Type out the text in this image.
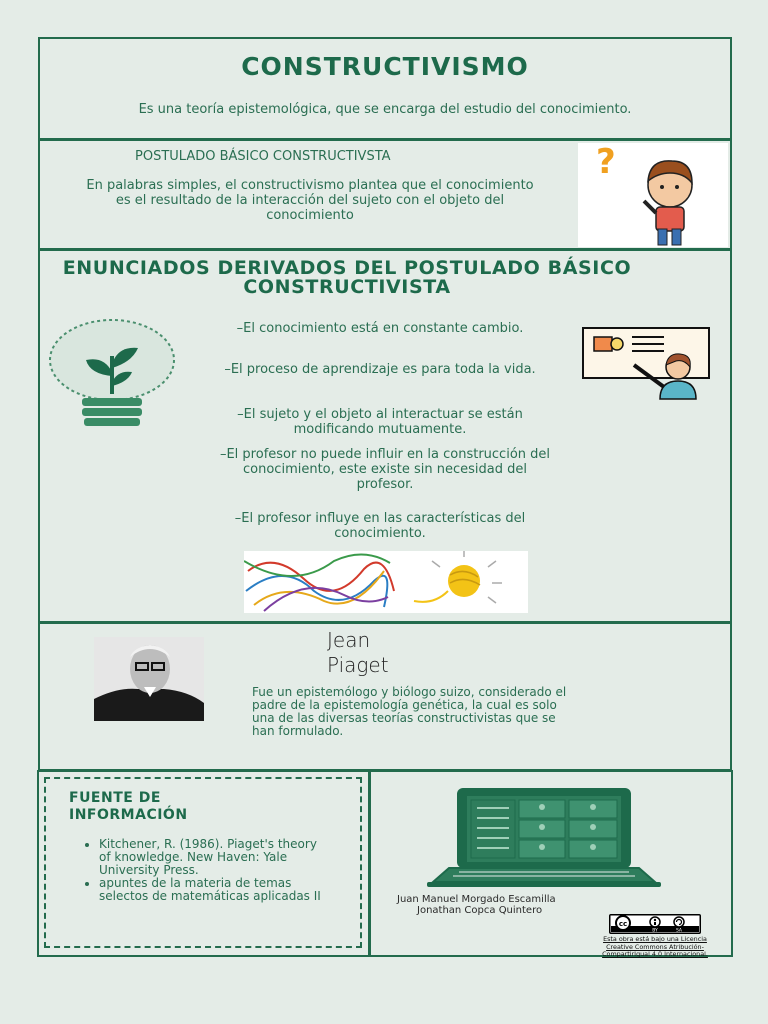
CONSTRUCTIVISMO
Es una teoría epistemológica, que se encarga del estudio del conocimiento.
POSTULADO BÁSICO CONSTRUCTIVSTA
En palabras simples, el constructivismo plantea que el conocimiento es el resultado de la interacción del sujeto con el objeto del conocimiento
?
ENUNCIADOS DERIVADOS DEL POSTULADO BÁSICO CONSTRUCTIVISTA
–El conocimiento está en constante cambio.
–El proceso de aprendizaje es para toda la vida.
–El sujeto y el objeto al interactuar se están modificando mutuamente.
–El profesor no puede influir en la construcción del conocimiento, este existe sin necesidad del profesor.
–El profesor influye en las características del conocimiento.
Jean
Piaget
Fue un epistemólogo y biólogo suizo, considerado el padre de la epistemología genética, la cual es solo una de las diversas teorías constructivistas que se han formulado.
FUENTE DE
INFORMACIÓN
• Kitchener, R. (1986). Piaget's theory of knowledge. New Haven: Yale University Press.
• apuntes de la materia de temas selectos de matemáticas aplicadas II	Juan Manuel Morgado Escamilla
Jonathan Copca Quintero
cc
BY	SA
Esta obra está bajo una Licencia Creative Commons Atribución-CompartirIgual 4.0 Internacional.
